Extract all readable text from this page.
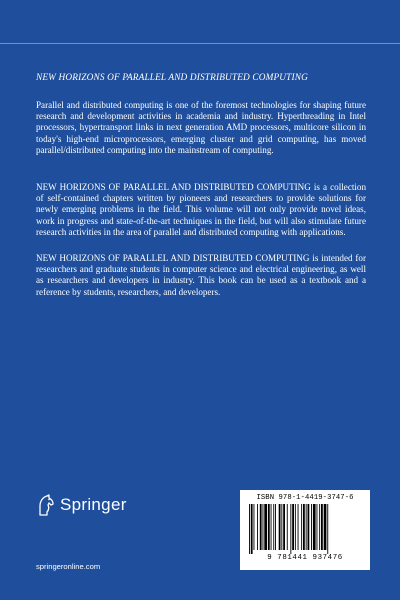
NEW HORIZONS OF PARALLEL AND DISTRIBUTED COMPUTING
Parallel and distributed computing is one of the foremost technologies for shaping future research and development activities in academia and industry. Hyperthreading in Intel processors, hypertransport links in next generation AMD processors, multicore silicon in today's high-end microprocessors, emerging cluster and grid computing, has moved parallel/distributed computing into the mainstream of computing.
NEW HORIZONS OF PARALLEL AND DISTRIBUTED COMPUTING is a collection of self-contained chapters written by pioneers and researchers to provide solutions for newly emerging problems in the field. This volume will not only provide novel ideas, work in progress and state-of-the-art techniques in the field, but will also stimulate future research activities in the area of parallel and distributed computing with applications.
NEW HORIZONS OF PARALLEL AND DISTRIBUTED COMPUTING is intended for researchers and graduate students in computer science and electrical engineering, as well as researchers and developers in industry. This book can be used as a textbook and a reference by students, researchers, and developers.
Springer
springeronline.com
ISBN 978-1-4419-3747-6
9 781441 937476
